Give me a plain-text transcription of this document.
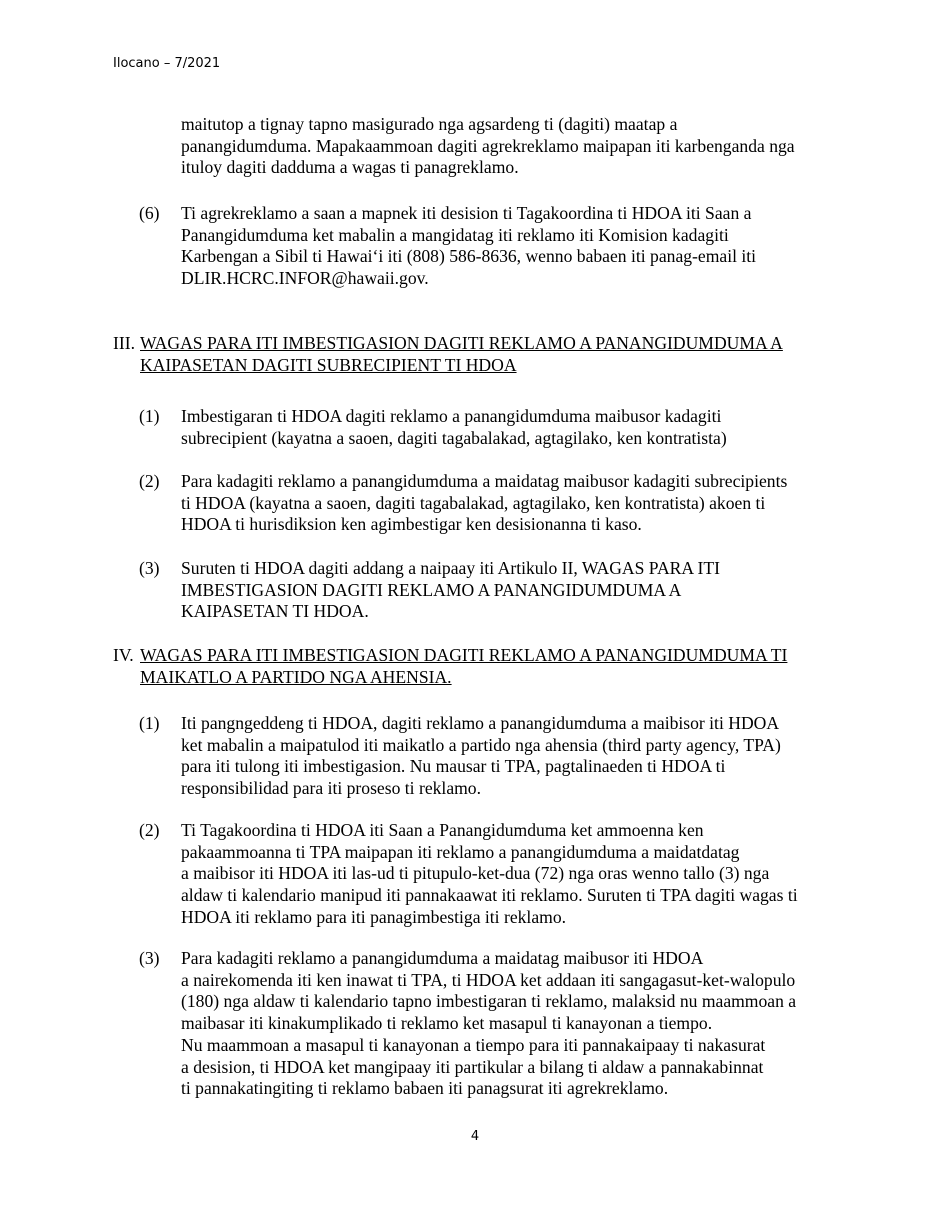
Ilocano – 7/2021
maitutop a tignay tapno masigurado nga agsardeng ti (dagiti) maatap a
panangidumduma. Mapakaammoan dagiti agrekreklamo maipapan iti karbenganda nga
ituloy dagiti dadduma a wagas ti panagreklamo.
(6) Ti agrekreklamo a saan a mapnek iti desision ti Tagakoordina ti HDOA iti Saan a
Panangidumduma ket mabalin a mangidatag iti reklamo iti Komision kadagiti
Karbengan a Sibil ti Hawai‘i iti (808) 586-8636, wenno babaen iti panag-email iti
DLIR.HCRC.INFOR@hawaii.gov.
III. WAGAS PARA ITI IMBESTIGASION DAGITI REKLAMO A PANANGIDUMDUMA A
KAIPASETAN DAGITI SUBRECIPIENT TI HDOA
(1) Imbestigaran ti HDOA dagiti reklamo a panangidumduma maibusor kadagiti
subrecipient (kayatna a saoen, dagiti tagabalakad, agtagilako, ken kontratista)
(2) Para kadagiti reklamo a panangidumduma a maidatag maibusor kadagiti subrecipients
ti HDOA (kayatna a saoen, dagiti tagabalakad, agtagilako, ken kontratista) akoen ti
HDOA ti hurisdiksion ken agimbestigar ken desisionanna ti kaso.
(3) Suruten ti HDOA dagiti addang a naipaay iti Artikulo II, WAGAS PARA ITI
IMBESTIGASION DAGITI REKLAMO A PANANGIDUMDUMA A
KAIPASETAN TI HDOA.
IV. WAGAS PARA ITI IMBESTIGASION DAGITI REKLAMO A PANANGIDUMDUMA TI
MAIKATLO A PARTIDO NGA AHENSIA.
(1) Iti pangngeddeng ti HDOA, dagiti reklamo a panangidumduma a maibisor iti HDOA
ket mabalin a maipatulod iti maikatlo a partido nga ahensia (third party agency, TPA)
para iti tulong iti imbestigasion. Nu mausar ti TPA, pagtalinaeden ti HDOA ti
responsibilidad para iti proseso ti reklamo.
(2) Ti Tagakoordina ti HDOA iti Saan a Panangidumduma ket ammoenna ken
pakaammoanna ti TPA maipapan iti reklamo a panangidumduma a maidatdatag
a maibisor iti HDOA iti las-ud ti pitupulo-ket-dua (72) nga oras wenno tallo (3) nga
aldaw ti kalendario manipud iti pannakaawat iti reklamo. Suruten ti TPA dagiti wagas ti
HDOA iti reklamo para iti panagimbestiga iti reklamo.
(3) Para kadagiti reklamo a panangidumduma a maidatag maibusor iti HDOA
a nairekomenda iti ken inawat ti TPA, ti HDOA ket addaan iti sangagasut-ket-walopulo
(180) nga aldaw ti kalendario tapno imbestigaran ti reklamo, malaksid nu maammoan a
maibasar iti kinakumplikado ti reklamo ket masapul ti kanayonan a tiempo.
Nu maammoan a masapul ti kanayonan a tiempo para iti pannakaipaay ti nakasurat
a desision, ti HDOA ket mangipaay iti partikular a bilang ti aldaw a pannakabinnat
ti pannakatingiting ti reklamo babaen iti panagsurat iti agrekreklamo.
4
